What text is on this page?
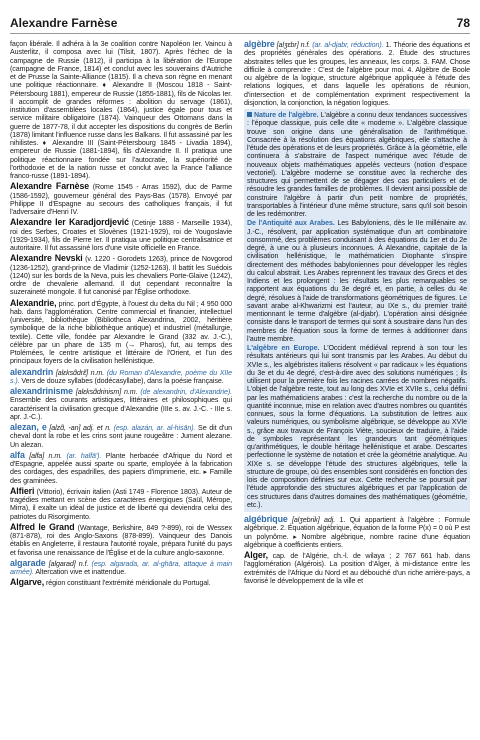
Alexandre Farnèse	78

façon libérale. Il adhéra à la 3e coalition contre Napoléon Ier. Vaincu à Austerlitz, il composa avec lui (Tilsit, 1807). Après l'échec de la campagne de Russie (1812), il participa à la libération de l'Europe (campagne de France, 1814) et conclut avec les souverains d'Autriche et de Prusse la Sainte-Alliance (1815). Il a cheva son règne en menant une politique réactionnaire. ♦ Alexandre II (Moscou 1818 - Saint-Pétersbourg 1881), empereur de Russie (1855-1881), fils de Nicolas Ier. Il accomplit de grandes réformes : abolition du servage (1861), institution d'assemblées locales (1864), justice égale pour tous et service militaire obligatoire (1874). Vainqueur des Ottomans dans la guerre de 1877-78, il dut accepter les dispositions du congrès de Berlin (1878) limitant l'influence russe dans les Balkans. Il fut assassiné par les nihilistes. ♦ Alexandre III (Saint-Pétersbourg 1845 - Livadia 1894), empereur de Russie (1881-1894), fils d'Alexandre II. Il pratiqua une politique réactionnaire fondée sur l'autocratie, la supériorité de l'orthodoxie et de la nation russe et conclut avec la France l'alliance franco-russe (1891-1894).

Alexandre Farnèse (Rome 1545 - Arras 1592), duc de Parme (1586-1592), gouverneur général des Pays-Bas (1578). Envoyé par Philippe II d'Espagne au secours des catholiques français, il fut l'adversaire d'Henri IV.

Alexandre Ier Karadjordjević (Cetinje 1888 - Marseille 1934), roi des Serbes, Croates et Slovènes (1921-1929), roi de Yougoslavie (1929-1934), fils de Pierre Ier. Il pratiqua une politique centralisatrice et autoritaire. Il fut assassiné lors d'une visite officielle en France.

Alexandre Nevski (v. 1220 - Gorodets 1263), prince de Novgorod (1236-1252), grand-prince de Vladimir (1252-1263). Il battit les Suédois (1240) sur les bords de la Neva, puis les chevaliers Porte-Glaive (1242), ordre de chevalerie allemand. Il dut cependant reconnaître la suzeraineté mongole. Il fut canonisé par l'Église orthodoxe.

Alexandrie, princ. port d'Égypte, à l'ouest du delta du Nil ; 4 950 000 hab. dans l'agglomération. Centre commercial et financier, intellectuel (université, bibliothèque (Bibliotheca Alexandrina, 2002, héritière symbolique de la riche bibliothèque antique) et industriel (métallurgie, textile). Cette ville, fondée par Alexandre le Grand (332 av. J.-C.), célèbre par un phare de 135 m (→ Pharos), fut, au temps des Ptolémées, le centre artistique et littéraire de l'Orient, et l'un des principaux foyers de la civilisation hellénistique.

alexandrin [alɛksɑ̃drɛ̃] n.m. (du Roman d'Alexandre, poème du XIIe s.). Vers de douze syllabes (dodécasyllabe), dans la poésie française.

alexandrinisme [alɛksɑ̃drinism] n.m. (de alexandrin, d'Alexandrie). Ensemble des courants artistiques, littéraires et philosophiques qui caractérisent la civilisation grecque d'Alexandrie (IIIe s. av. J.-C. - IIIe s. apr. J.-C.).

alezan, e [alzɑ̃, -an] adj. et n. (esp. alazán, ar. al-hisān). Se dit d'un cheval dont la robe et les crins sont jaune rougeâtre : Jument alezane. Un alezan.

alfa [alfa] n.m. (ar. halfā'). Plante herbacée d'Afrique du Nord et d'Espagne, appelée aussi sparte ou sparte, employée à la fabrication des cordages, des espadrilles, des papiers d'imprimerie, etc. ▸ Famille des graminées.

Alfieri (Vittorio), écrivain italien (Asti 1749 - Florence 1803). Auteur de tragédies mettant en scène des caractères énergiques (Saül, Mérope, Mirra), il exalte un idéal de justice et de liberté qui deviendra celui des patriotes du Risorgimento.

Alfred le Grand (Wantage, Berkshire, 849 ?-899), roi de Wessex (871-878), roi des Anglo-Saxons (878-899). Vainqueur des Danois établis en Angleterre, il restaura l'autorité royale, prépara l'unité du pays et favorisa une renaissance de l'Église et de la culture anglo-saxonne.

algarade [algarad] n.f. (esp. algarada, ar. al-ghāra, attaque à main armée). Altercation vive et inattendue.

Algarve, région constituant l'extrémité méridionale du Portugal.

algèbre [alʒɛbr] n.f. (ar. al-djabr, réduction). 1. Théorie des équations et des propriétés générales des opérations. 2. Étude des structures abstraites telles que les groupes, les anneaux, les corps. 3. FAM. Chose difficile à comprendre : C'est de l'algèbre pour moi. 4. Algèbre de Boole ou algèbre de la logique, structure algébrique appliquée à l'étude des relations logiques, et dans laquelle les opérations de réunion, d'intersection et de complémentation expriment respectivement la disjonction, la conjonction, la négation logiques.

Nature de l'algèbre. L'algèbre a connu deux tendances successives : l'époque classique, puis celle dite « moderne ». L'algèbre classique trouve son origine dans une généralisation de l'arithmétique. Consacrée à la résolution des équations algébriques, elle s'attache à l'étude des opérations et de leurs propriétés. Grâce à la géométrie, elle continuera à s'abstraire de l'aspect numérique avec l'étude de nouveaux objets mathématiques appelés vecteurs (notion d'espace vectoriel). L'algèbre moderne se constitue avec la recherche des structures qui permettent de se dégager des cas particuliers et de résoudre les grandes familles de problèmes. Il devient ainsi possible de construire l'algèbre à partir d'un petit nombre de propriétés, transportables à l'intérieur d'une même structure, sans qu'il soit besoin de les redémontrer.

De l'Antiquité aux Arabes. Les Babyloniens, dès le IIe millénaire av. J.-C., résolvent, par application systématique d'un art combinatoire consommé, des problèmes conduisant à des équations du 1er et du 2e degré, à une ou à plusieurs inconnues. À Alexandrie, capitale de la civilisation hellénistique, le mathématicien Diophante s'inspire directement des méthodes babyloniennes pour développer les règles du calcul abstrait. Les Arabes reprennent les travaux des Grecs et des Indiens et les prolongent : les résultats les plus remarquables se rapportent aux équations du 3e degré et, en partie, à celles du 4e degré, résolues à l'aide de transformations géométriques de figures. Le savant arabe al-Khwarizmi est l'auteur, au IXe s., du premier traité mentionnant le terme d'algèbre (al-djabr). L'opération ainsi désignée consiste dans le transport de termes qui sont à soustraire dans l'un des membres de l'équation sous la forme de termes à additionner dans l'autre membre.

L'algèbre en Europe. L'Occident médiéval reprend à son tour les résultats antérieurs qui lui sont transmis par les Arabes. Au début du XVIe s., les algébristes italiens résolvent « par radicaux » les équations du 3e et du 4e degré, c'est-à-dire avec des solutions numériques ; ils utilisent pour la première fois les racines carrées de nombres négatifs. L'objet de l'algèbre reste, tout au long des XVIe et XVIIe s., celui défini par les mathématiciens arabes : c'est la recherche du nombre ou de la quantité inconnue, mise en relation avec d'autres nombres ou quantités connues, sous la forme d'équations. La substitution de lettres aux valeurs numériques, ou symbolisme algébrique, se développe au XVIe s., grâce aux travaux de François Viète, soucieux de traduire, à l'aide de symboles représentant les grandeurs tant géométriques qu'arithmétiques, le double héritage hellénistique et arabe. Descartes perfectionne le système de notation et crée la géométrie analytique. Au XIXe s. se développe l'étude des structures algébriques, telle la structure de groupe, où des ensembles sont considérés en fonction des lois de composition définies sur eux. Cette recherche se poursuit par l'étude approfondie des structures algébriques et par l'application de ces structures dans d'autres domaines des mathématiques (géométrie, etc.).

algébrique [alʒebrik] adj. 1. Qui appartient à l'algèbre : Formule algébrique. 2. Équation algébrique, équation de la forme P(x) = 0 où P est un polynôme. ▸ Nombre algébrique, nombre racine d'une équation algébrique à coefficients entiers.

Alger, cap. de l'Algérie, ch.-l. de wilaya ; 2 767 661 hab. dans l'agglomération (Algérois). La position d'Alger, à mi-distance entre les extrémités de l'Afrique du Nord et au débouché d'un riche arrière-pays, a favorisé le développement de la ville et
